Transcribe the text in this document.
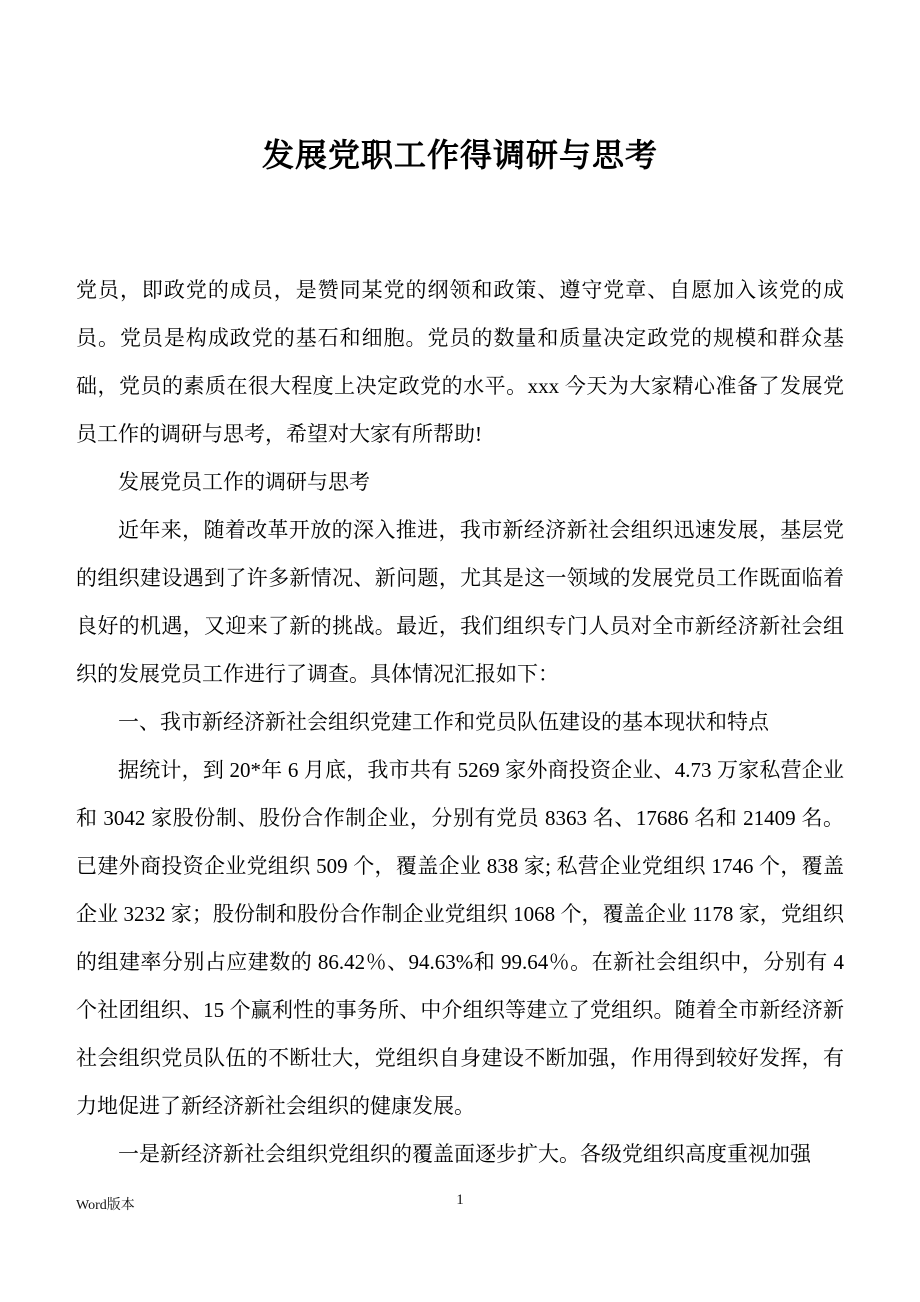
发展党职工作得调研与思考

党员，即政党的成员，是赞同某党的纲领和政策、遵守党章、自愿加入该党的成员。党员是构成政党的基石和细胞。党员的数量和质量决定政党的规模和群众基础，党员的素质在很大程度上决定政党的水平。xxx 今天为大家精心准备了发展党员工作的调研与思考，希望对大家有所帮助!

发展党员工作的调研与思考

近年来，随着改革开放的深入推进，我市新经济新社会组织迅速发展，基层党的组织建设遇到了许多新情况、新问题，尤其是这一领域的发展党员工作既面临着良好的机遇，又迎来了新的挑战。最近，我们组织专门人员对全市新经济新社会组织的发展党员工作进行了调查。具体情况汇报如下：

一、我市新经济新社会组织党建工作和党员队伍建设的基本现状和特点

据统计，到 20*年 6 月底，我市共有 5269 家外商投资企业、4.73 万家私营企业和 3042 家股份制、股份合作制企业，分别有党员 8363 名、17686 名和 21409 名。已建外商投资企业党组织 509 个，覆盖企业 838 家; 私营企业党组织 1746 个，覆盖企业 3232 家；股份制和股份合作制企业党组织 1068 个，覆盖企业 1178 家，党组织的组建率分别占应建数的 86.42％、94.63%和 99.64％。在新社会组织中，分别有 4 个社团组织、15 个赢利性的事务所、中介组织等建立了党组织。随着全市新经济新社会组织党员队伍的不断壮大，党组织自身建设不断加强，作用得到较好发挥，有力地促进了新经济新社会组织的健康发展。

一是新经济新社会组织党组织的覆盖面逐步扩大。各级党组织高度重视加强

Word版本	1
